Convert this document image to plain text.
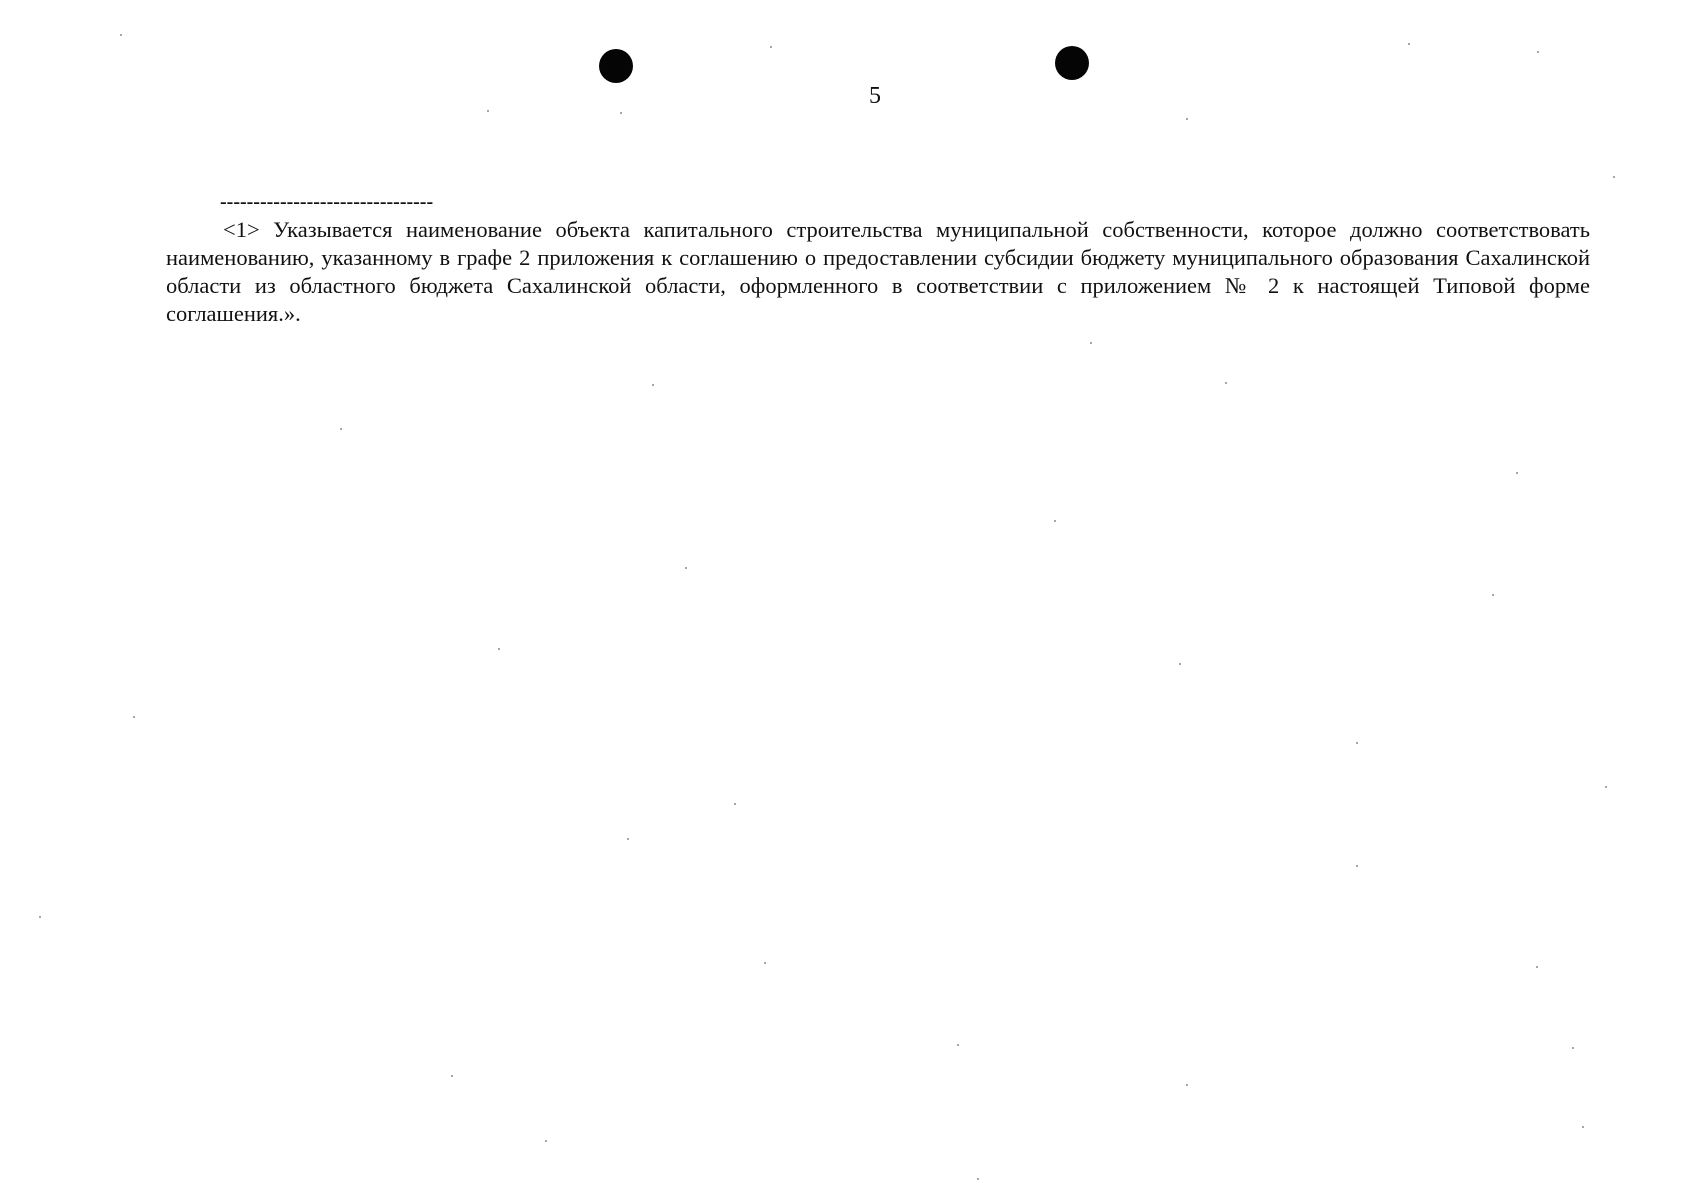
5
--------------------------------

<1> Указывается наименование объекта капитального строительства муниципальной собственности, которое должно соответствовать наименованию, указанному в графе 2 приложения к соглашению о предоставлении субсидии бюджету муниципального образования Сахалинской области из областного бюджета Сахалинской области, оформленного в соответствии с приложением № 2 к настоящей Типовой форме соглашения.».
